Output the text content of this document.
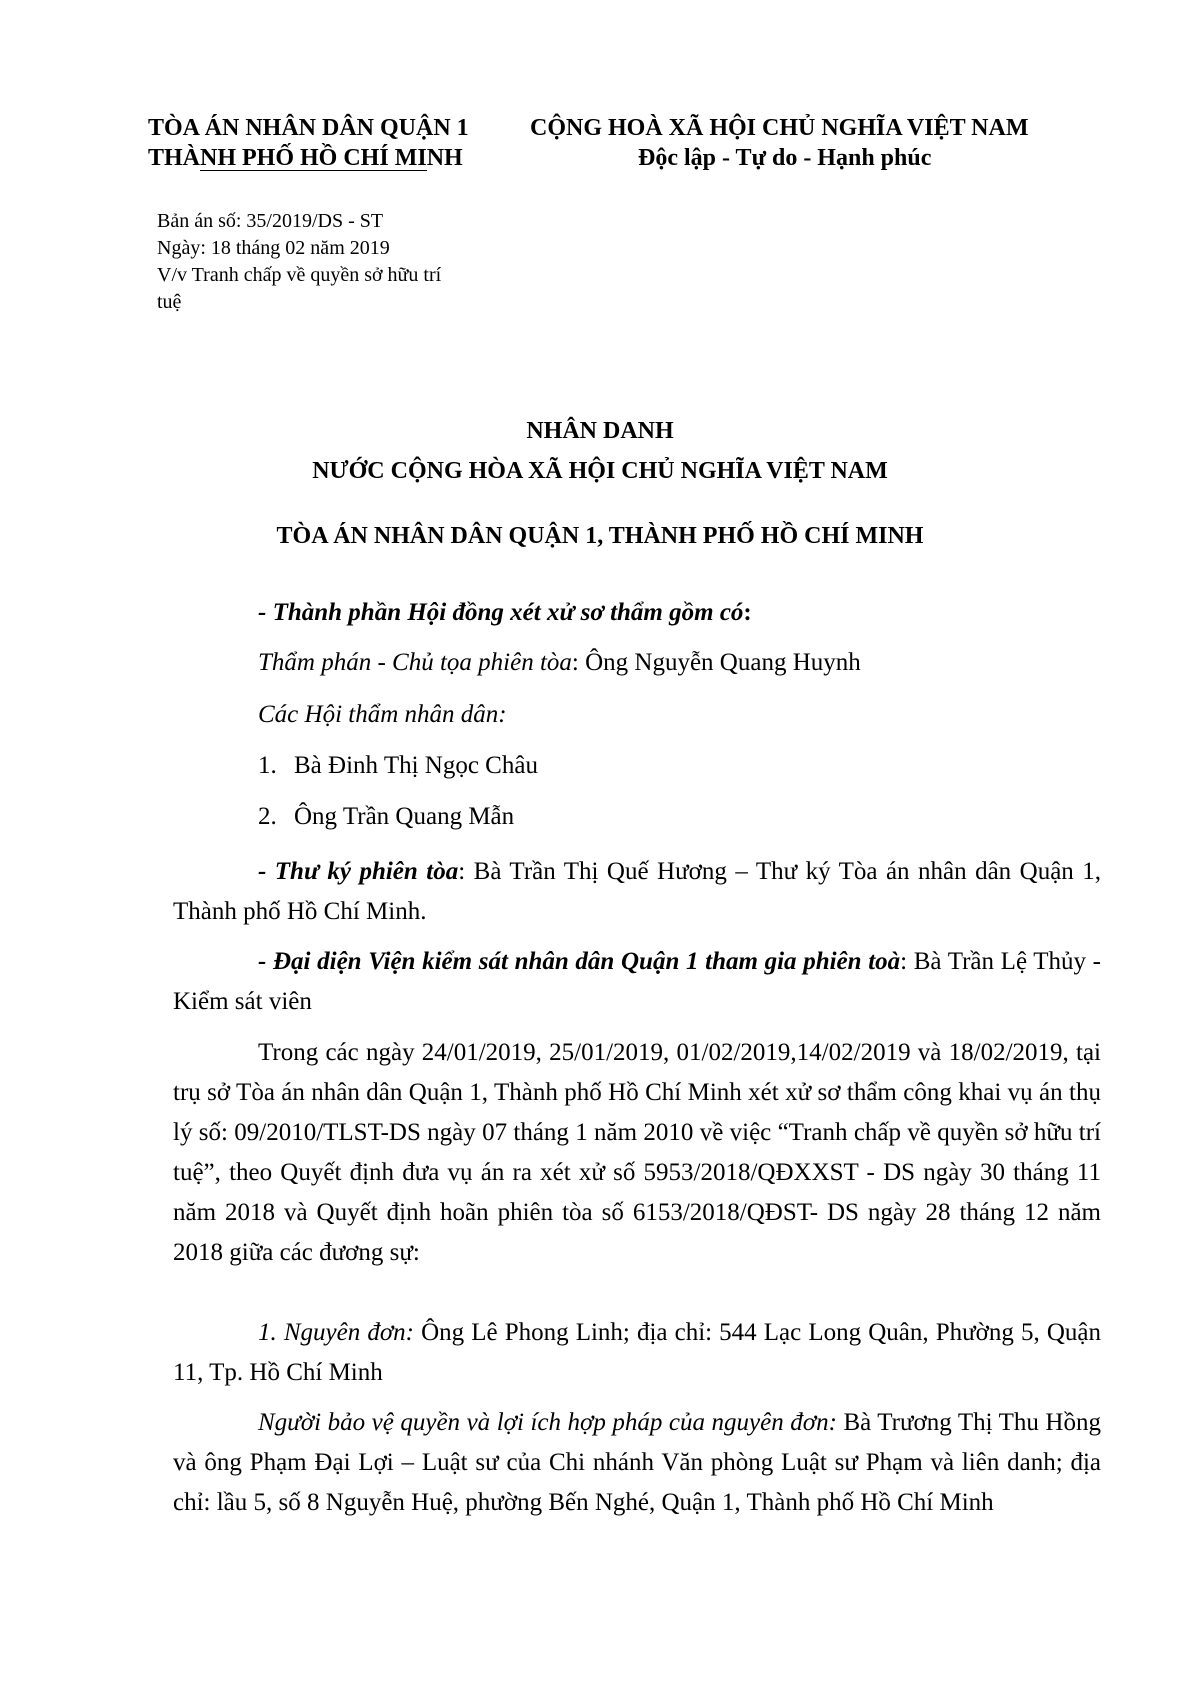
TÒA ÁN NHÂN DÂN QUẬN 1
THÀNH PHỐ HỒ CHÍ MINH
CỘNG HOÀ XÃ HỘI CHỦ NGHĨA VIỆT NAM
Độc lập - Tự do - Hạnh phúc
Bản án số: 35/2019/DS - ST
Ngày: 18 tháng 02 năm 2019
V/v Tranh chấp về quyền sở hữu trí
tuệ
NHÂN DANH
NƯỚC CỘNG HÒA XÃ HỘI CHỦ NGHĨA VIỆT NAM
TÒA ÁN NHÂN DÂN QUẬN 1, THÀNH PHỐ HỒ CHÍ MINH
- Thành phần Hội đồng xét xử sơ thẩm gồm có:
Thẩm phán - Chủ tọa phiên tòa: Ông Nguyễn Quang Huynh
Các Hội thẩm nhân dân:
1. Bà Đinh Thị Ngọc Châu
2. Ông Trần Quang Mẫn
- Thư ký phiên tòa: Bà Trần Thị Quế Hương – Thư ký Tòa án nhân dân Quận 1, Thành phố Hồ Chí Minh.
- Đại diện Viện kiểm sát nhân dân Quận 1 tham gia phiên toà: Bà Trần Lệ Thủy - Kiểm sát viên
Trong các ngày 24/01/2019, 25/01/2019, 01/02/2019,14/02/2019 và 18/02/2019, tại trụ sở Tòa án nhân dân Quận 1, Thành phố Hồ Chí Minh xét xử sơ thẩm công khai vụ án thụ lý số: 09/2010/TLST-DS ngày 07 tháng 1 năm 2010 về việc “Tranh chấp về quyền sở hữu trí tuệ”, theo Quyết định đưa vụ án ra xét xử số 5953/2018/QĐXXST - DS ngày 30 tháng 11 năm 2018 và Quyết định hoãn phiên tòa số 6153/2018/QĐST- DS ngày 28 tháng 12 năm 2018 giữa các đương sự:
1. Nguyên đơn: Ông Lê Phong Linh; địa chỉ: 544 Lạc Long Quân, Phường 5, Quận 11, Tp. Hồ Chí Minh
Người bảo vệ quyền và lợi ích hợp pháp của nguyên đơn: Bà Trương Thị Thu Hồng và ông Phạm Đại Lợi – Luật sư của Chi nhánh Văn phòng Luật sư Phạm và liên danh; địa chỉ: lầu 5, số 8 Nguyễn Huệ, phường Bến Nghé, Quận 1, Thành phố Hồ Chí Minh
